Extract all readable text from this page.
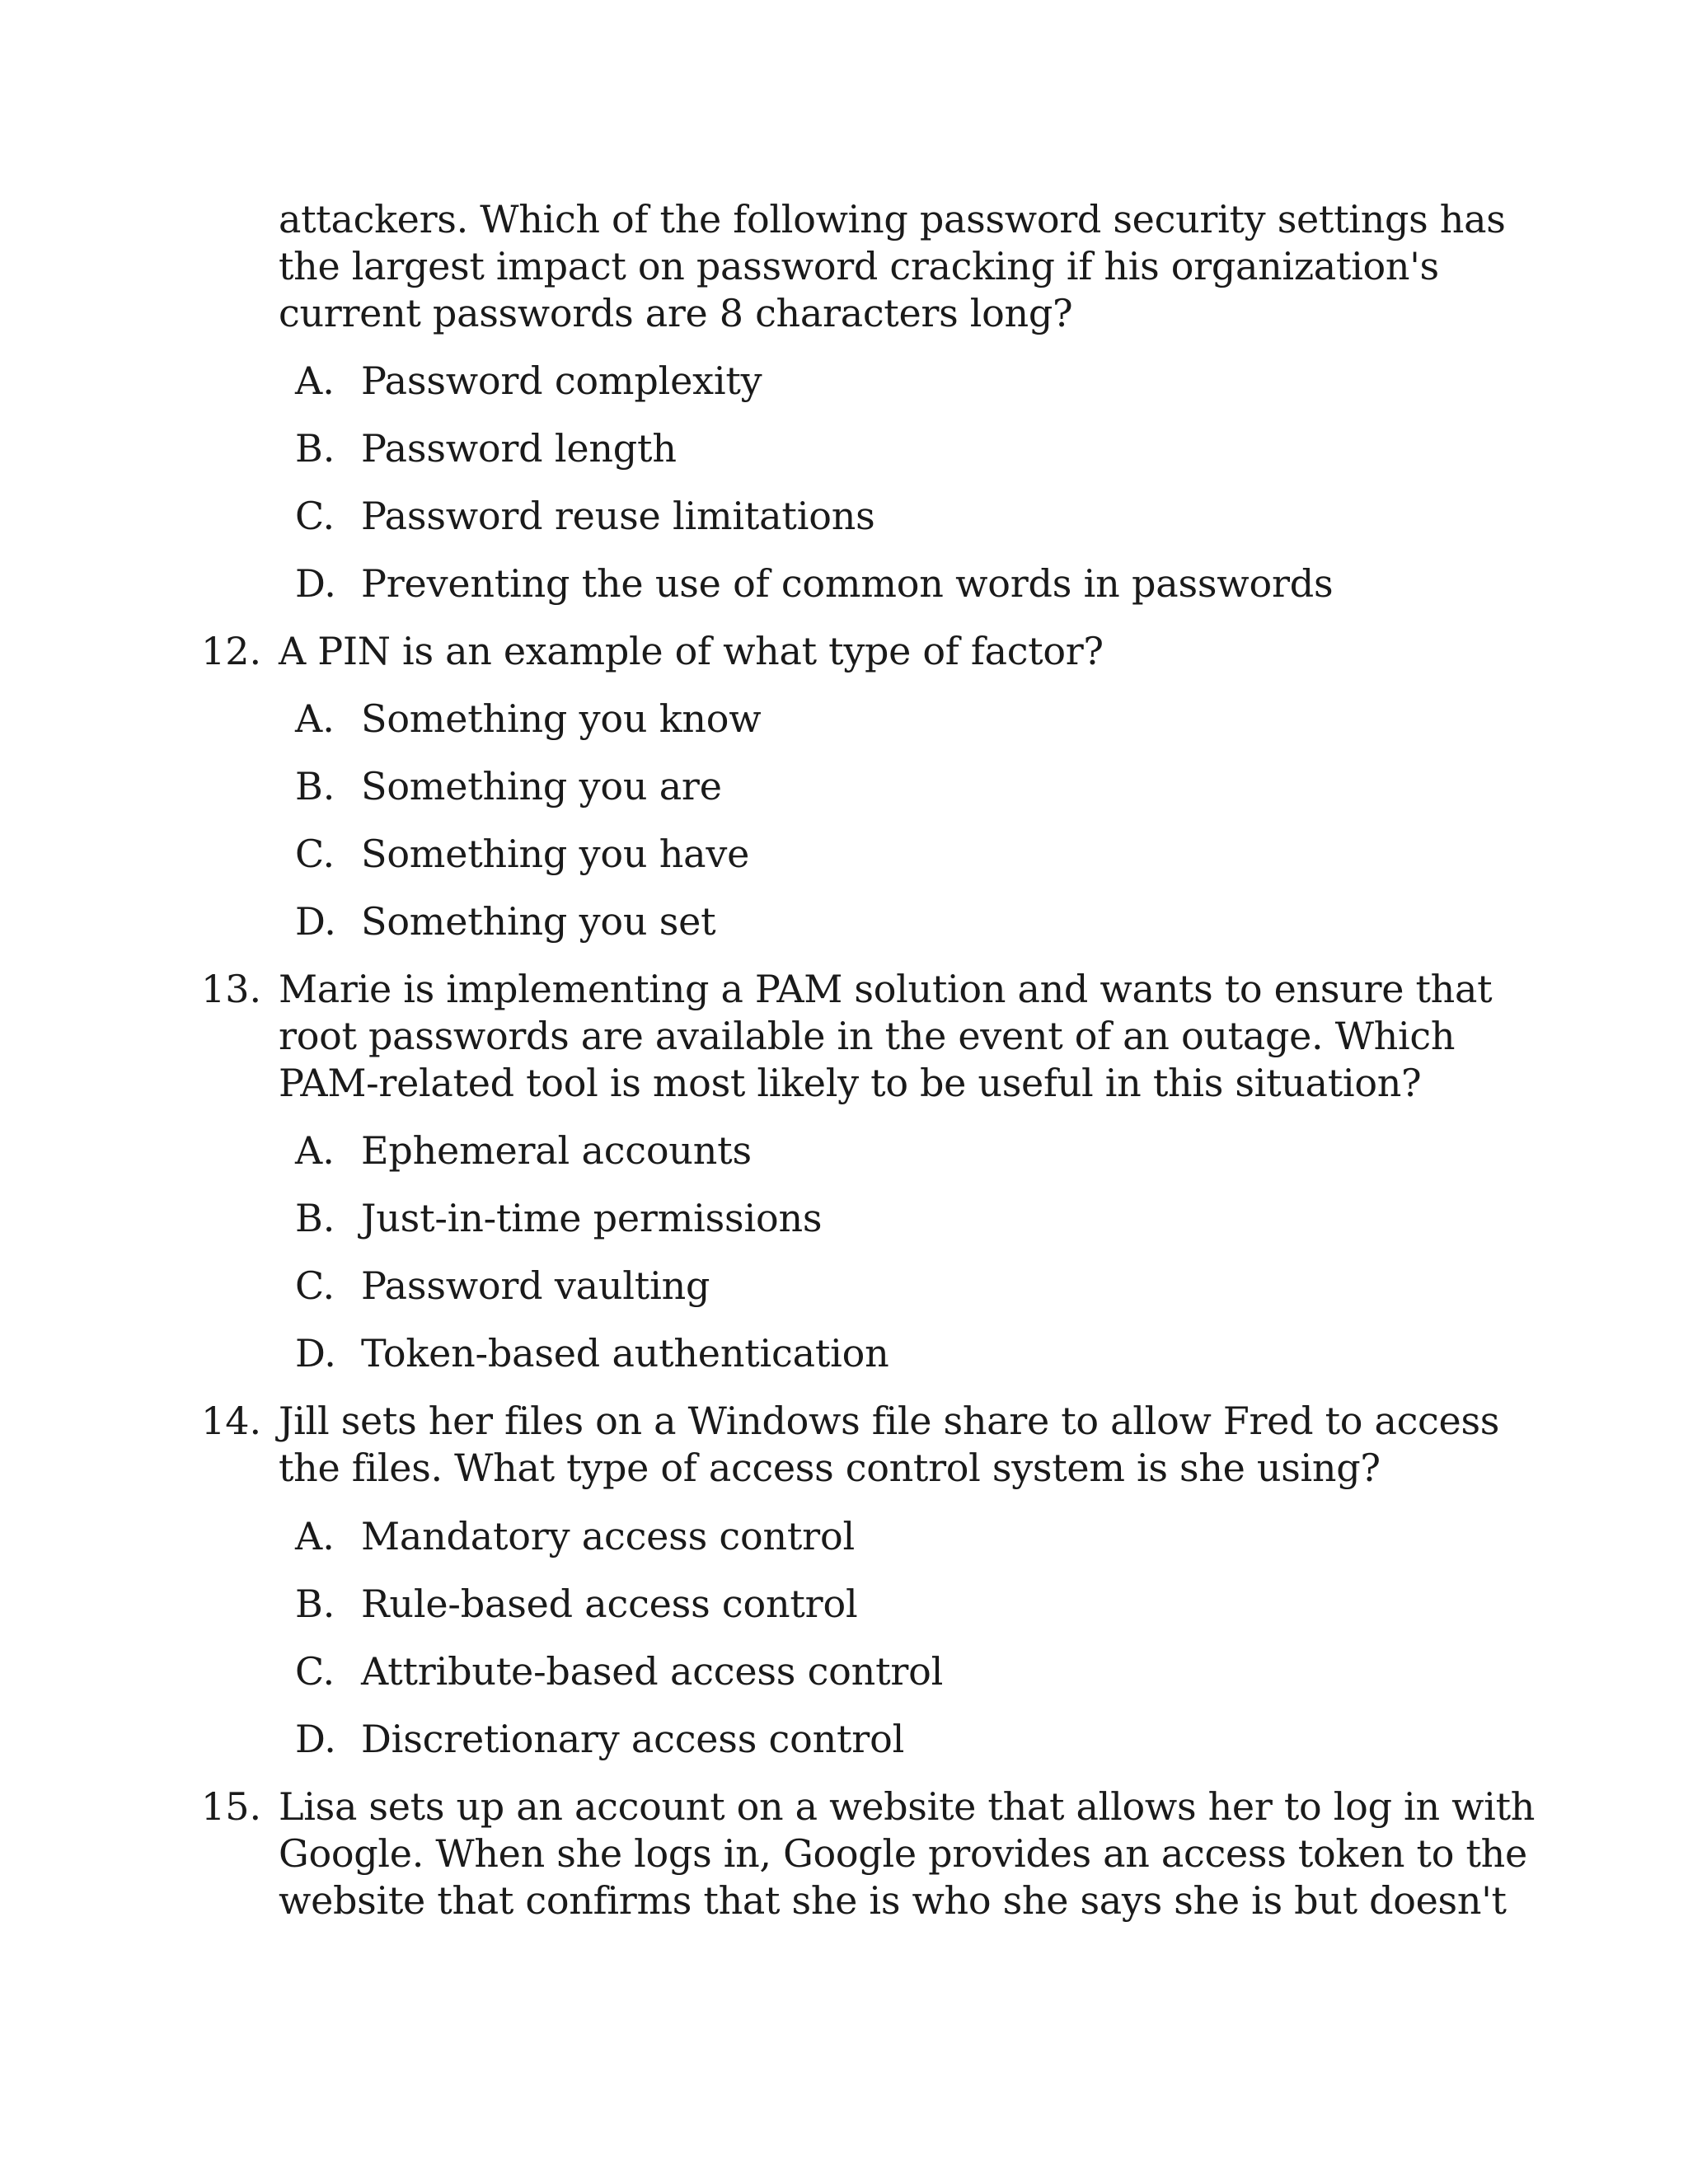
attackers. Which of the following password security settings has
the largest impact on password cracking if his organization's
current passwords are 8 characters long?
A. Password complexity
B. Password length
C. Password reuse limitations
D. Preventing the use of common words in passwords
12. A PIN is an example of what type of factor?
A. Something you know
B. Something you are
C. Something you have
D. Something you set
13. Marie is implementing a PAM solution and wants to ensure that
root passwords are available in the event of an outage. Which
PAM-related tool is most likely to be useful in this situation?
A. Ephemeral accounts
B. Just-in-time permissions
C. Password vaulting
D. Token-based authentication
14. Jill sets her files on a Windows file share to allow Fred to access
the files. What type of access control system is she using?
A. Mandatory access control
B. Rule-based access control
C. Attribute-based access control
D. Discretionary access control
15. Lisa sets up an account on a website that allows her to log in with
Google. When she logs in, Google provides an access token to the
website that confirms that she is who she says she is but doesn't
